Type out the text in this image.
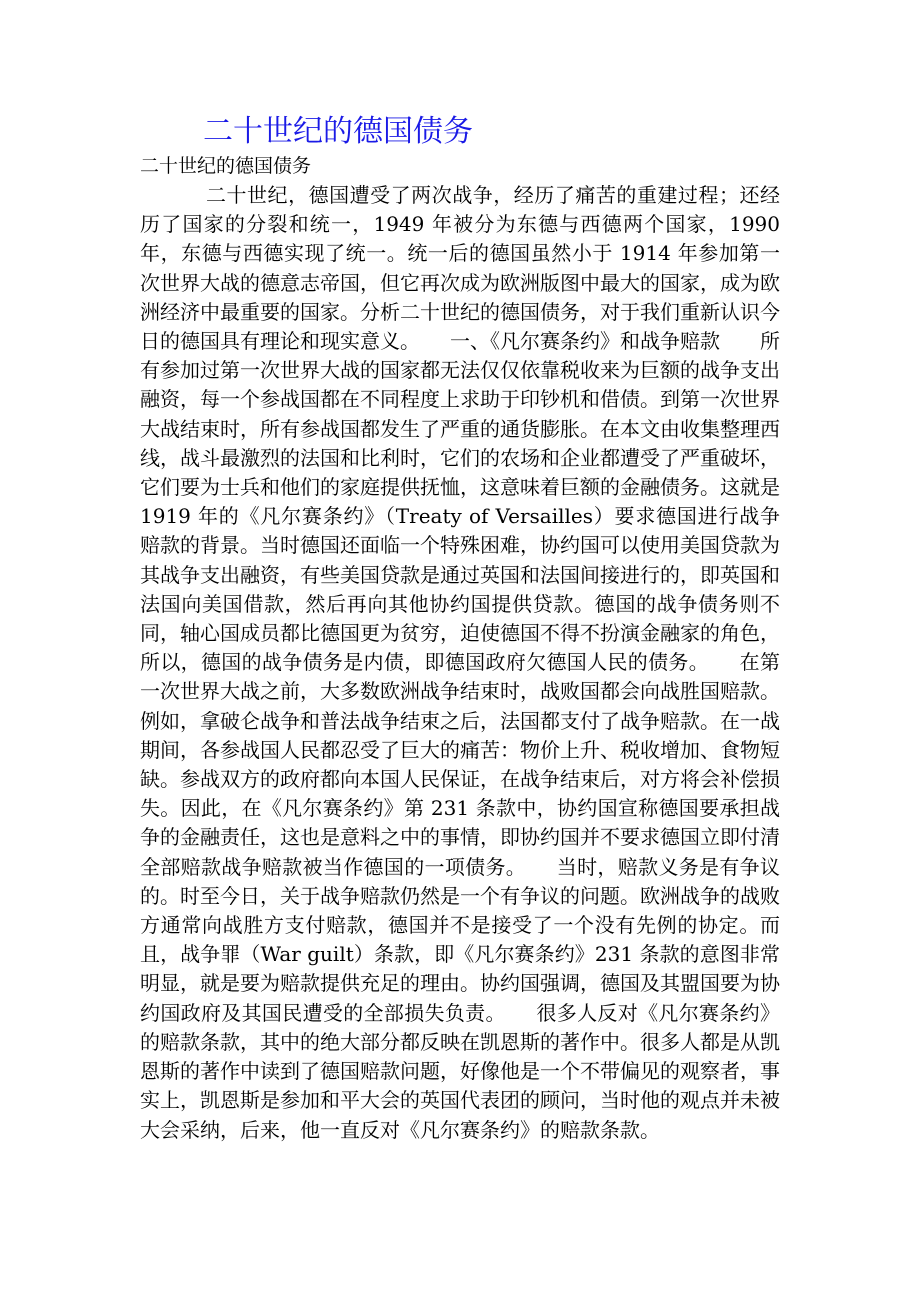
二十世纪的德国债务
二十世纪的德国债务

二十世纪，德国遭受了两次战争，经历了痛苦的重建过程；还经历了国家的分裂和统一，1949 年被分为东德与西德两个国家，1990 年，东德与西德实现了统一。统一后的德国虽然小于 1914 年参加第一次世界大战的德意志帝国，但它再次成为欧洲版图中最大的国家，成为欧洲经济中最重要的国家。分析二十世纪的德国债务，对于我们重新认识今日的德国具有理论和现实意义。　　一、《凡尔赛条约》和战争赔款　　所有参加过第一次世界大战的国家都无法仅仅依靠税收来为巨额的战争支出融资，每一个参战国都在不同程度上求助于印钞机和借债。到第一次世界大战结束时，所有参战国都发生了严重的通货膨胀。在本文由收集整理西线，战斗最激烈的法国和比利时，它们的农场和企业都遭受了严重破坏，它们要为士兵和他们的家庭提供抚恤，这意味着巨额的金融债务。这就是 1919 年的《凡尔赛条约》（Treaty of Versailles）要求德国进行战争赔款的背景。当时德国还面临一个特殊困难，协约国可以使用美国贷款为其战争支出融资，有些美国贷款是通过英国和法国间接进行的，即英国和法国向美国借款，然后再向其他协约国提供贷款。德国的战争债务则不同，轴心国成员都比德国更为贫穷，迫使德国不得不扮演金融家的角色，所以，德国的战争债务是内债，即德国政府欠德国人民的债务。　　在第一次世界大战之前，大多数欧洲战争结束时，战败国都会向战胜国赔款。例如，拿破仑战争和普法战争结束之后，法国都支付了战争赔款。在一战期间，各参战国人民都忍受了巨大的痛苦：物价上升、税收增加、食物短缺。参战双方的政府都向本国人民保证，在战争结束后，对方将会补偿损失。因此，在《凡尔赛条约》第 231 条款中，协约国宣称德国要承担战争的金融责任，这也是意料之中的事情，即协约国并不要求德国立即付清全部赔款战争赔款被当作德国的一项债务。　　当时，赔款义务是有争议的。时至今日，关于战争赔款仍然是一个有争议的问题。欧洲战争的战败方通常向战胜方支付赔款，德国并不是接受了一个没有先例的协定。而且，战争罪（War guilt）条款，即《凡尔赛条约》231 条款的意图非常明显，就是要为赔款提供充足的理由。协约国强调，德国及其盟国要为协约国政府及其国民遭受的全部损失负责。　　很多人反对《凡尔赛条约》的赔款条款，其中的绝大部分都反映在凯恩斯的著作中。很多人都是从凯恩斯的著作中读到了德国赔款问题，好像他是一个不带偏见的观察者，事实上，凯恩斯是参加和平大会的英国代表团的顾问，当时他的观点并未被大会采纳，后来，他一直反对《凡尔赛条约》的赔款条款。
